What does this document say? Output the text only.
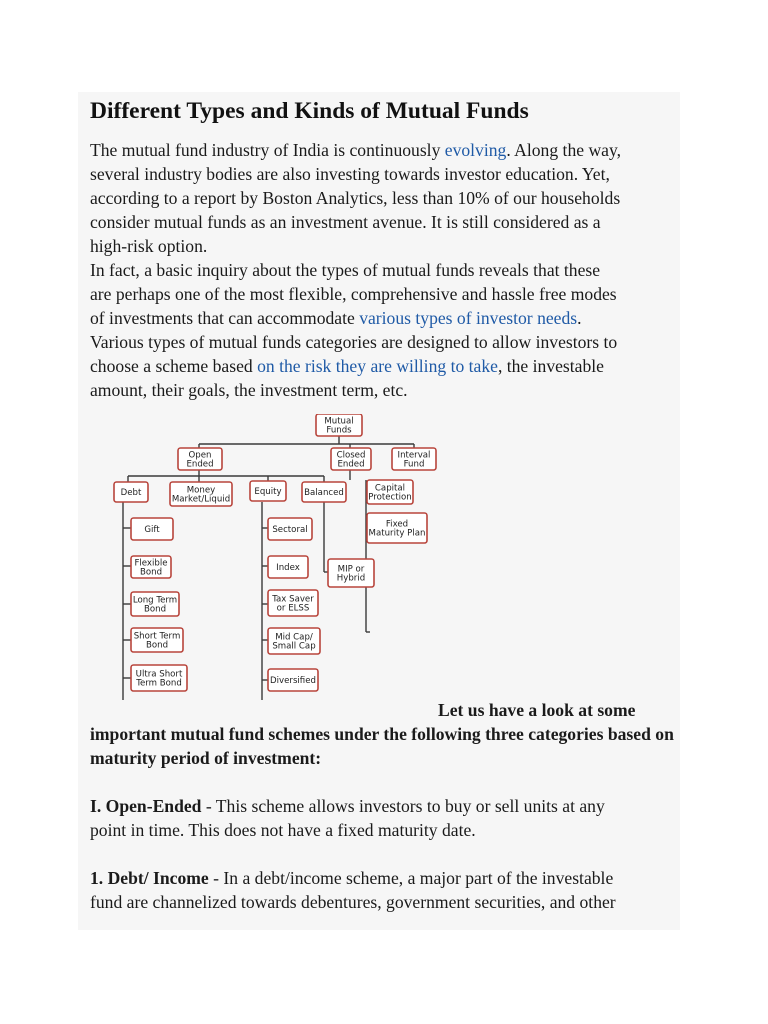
Different Types and Kinds of Mutual Funds

The mutual fund industry of India is continuously evolving. Along the way,

several industry bodies are also investing towards investor education. Yet,

according to a report by Boston Analytics, less than 10% of our households

consider mutual funds as an investment avenue. It is still considered as a

high-risk option.

In fact, a basic inquiry about the types of mutual funds reveals that these

are perhaps one of the most flexible, comprehensive and hassle free modes

of investments that can accommodate various types of investor needs.

Various types of mutual funds categories are designed to allow investors to

choose a scheme based on the risk they are willing to take, the investable

amount, their goals, the investment term, etc.

Mutual
Funds
Open
Ended
Closed
Ended
Interval
Fund
Debt	Money
Market/Liquid
Equity	Balanced	Capital
Protection
Fixed
Maturity Plan
Gift
Flexible
Bond
Long Term
Bond
Short Term
Bond
Ultra Short
Term Bond
Sectoral
Index
Tax Saver
or ELSS
Mid Cap/
Small Cap
Diversified
MIP or
Hybrid

Let us have a look at some

important mutual fund schemes under the following three categories based on

maturity period of investment:

I. Open-Ended - This scheme allows investors to buy or sell units at any

point in time. This does not have a fixed maturity date.

1. Debt/ Income - In a debt/income scheme, a major part of the investable

fund are channelized towards debentures, government securities, and other
